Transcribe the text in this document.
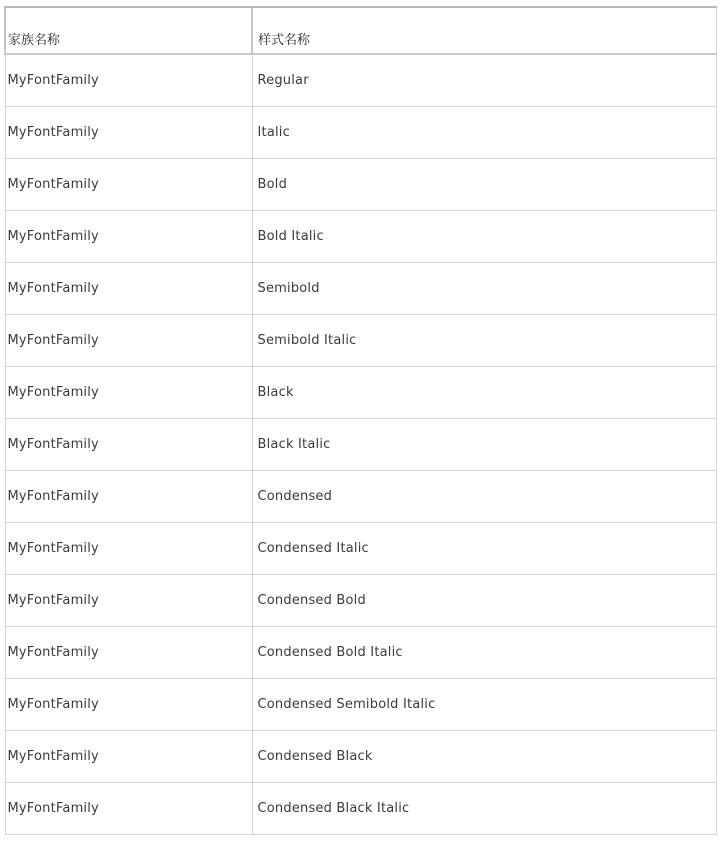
家族名称	样式名称
MyFontFamily	Regular
MyFontFamily	Italic
MyFontFamily	Bold
MyFontFamily	Bold Italic
MyFontFamily	Semibold
MyFontFamily	Semibold Italic
MyFontFamily	Black
MyFontFamily	Black Italic
MyFontFamily	Condensed
MyFontFamily	Condensed Italic
MyFontFamily	Condensed Bold
MyFontFamily	Condensed Bold Italic
MyFontFamily	Condensed Semibold Italic
MyFontFamily	Condensed Black
MyFontFamily	Condensed Black Italic
